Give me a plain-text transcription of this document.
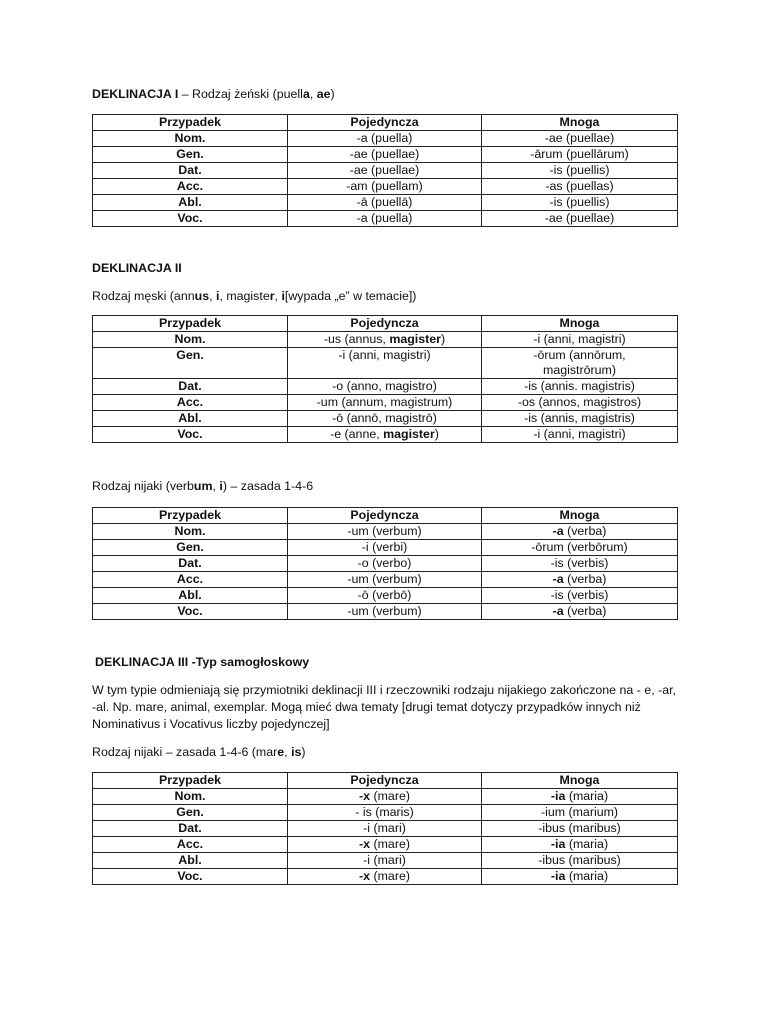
DEKLINACJA I – Rodzaj żeński (puella, ae)
Przypadek	Pojedyncza	Mnoga
Nom.	-a (puella)	-ae (puellae)
Gen.	-ae (puellae)	-ārum (puellārum)
Dat.	-ae (puellae)	-is (puellis)
Acc.	-am (puellam)	-as (puellas)
Abl.	-ā (puellā)	-is (puellis)
Voc.	-a (puella)	-ae (puellae)
DEKLINACJA II
Rodzaj męski (annus, i, magister, i[wypada „e” w temacie])
Przypadek	Pojedyncza	Mnoga
Nom.	-us (annus, magister)	-i (anni, magistri)
Gen.	-i (anni, magistri)	-ōrum (annōrum,
magistrōrum)
Dat.	-o (anno, magistro)	-is (annis. magistris)
Acc.	-um (annum, magistrum)	-os (annos, magistros)
Abl.	-ō (annō, magistrō)	-is (annis, magistris)
Voc.	-e (anne, magister)	-i (anni, magistri)
Rodzaj nijaki (verbum, i) – zasada 1-4-6
Przypadek	Pojedyncza	Mnoga
Nom.	-um (verbum)	-a (verba)
Gen.	-i (verbi)	-ōrum (verbōrum)
Dat.	-o (verbo)	-is (verbis)
Acc.	-um (verbum)	-a (verba)
Abl.	-ō (verbō)	-is (verbis)
Voc.	-um (verbum)	-a (verba)
DEKLINACJA III -Typ samogłoskowy
W tym typie odmieniają się przymiotniki deklinacji III i rzeczowniki rodzaju nijakiego zakończone na - e, -ar, -al. Np. mare, animal, exemplar. Mogą mieć dwa tematy [drugi temat dotyczy przypadków innych niż Nominativus i Vocativus liczby pojedynczej]
Rodzaj nijaki – zasada 1-4-6 (mare, is)
Przypadek	Pojedyncza	Mnoga
Nom.	-x (mare)	-ia (maria)
Gen.	- is (maris)	-ium (marium)
Dat.	-i (mari)	-ibus (maribus)
Acc.	-x (mare)	-ia (maria)
Abl.	-i (mari)	-ibus (maribus)
Voc.	-x (mare)	-ia (maria)
